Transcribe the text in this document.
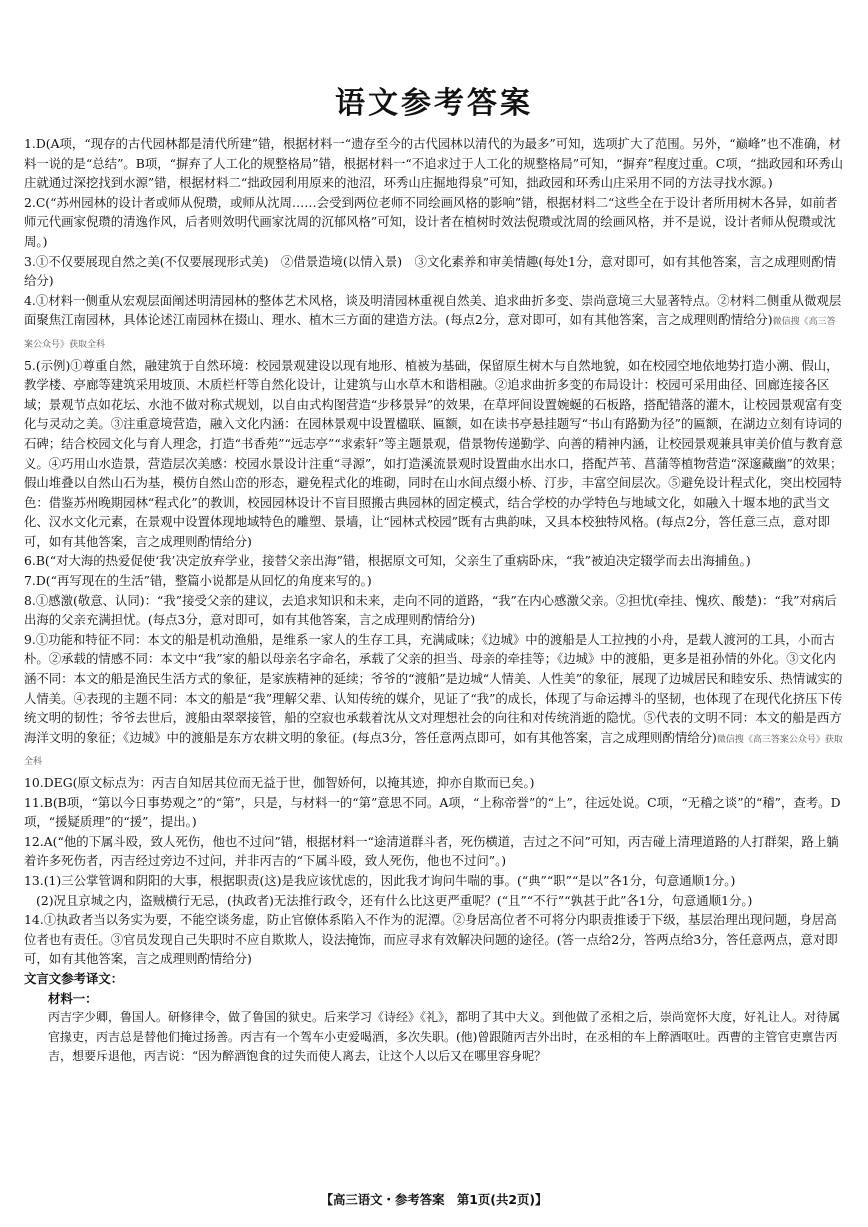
语文参考答案

1.D(A项，“现存的古代园林都是清代所建”错，根据材料一“遗存至今的古代园林以清代的为最多”可知，选项扩大了范围。另外，“巅峰”也不准确，材料一说的是“总结”。B项，“摒弃了人工化的规整格局”错，根据材料一“不追求过于人工化的规整格局”可知，“摒弃”程度过重。C项，“拙政园和环秀山庄就通过深挖找到水源”错，根据材料二“拙政园利用原来的池沼，环秀山庄掘地得泉”可知，拙政园和环秀山庄采用不同的方法寻找水源。)

2.C(“苏州园林的设计者或师从倪瓒，或师从沈周……会受到两位老师不同绘画风格的影响”错，根据材料二“这些全在于设计者所用树木各异，如前者师元代画家倪瓒的清逸作风，后者则效明代画家沈周的沉郁风格”可知，设计者在植树时效法倪瓒或沈周的绘画风格，并不是说，设计者师从倪瓒或沈周。)

3.①不仅要展现自然之美(不仅要展现形式美)　②借景造境(以情入景)　③文化素养和审美情趣(每处1分，意对即可，如有其他答案，言之成理则酌情给分)

4.①材料一侧重从宏观层面阐述明清园林的整体艺术风格，谈及明清园林重视自然美、追求曲折多变、崇尚意境三大显著特点。②材料二侧重从微观层面聚焦江南园林，具体论述江南园林在掇山、理水、植木三方面的建造方法。(每点2分，意对即可，如有其他答案，言之成理则酌情给分)微信搜《高三答案公众号》获取全科

5.(示例)①尊重自然，融建筑于自然环境：校园景观建设以现有地形、植被为基础，保留原生树木与自然地貌，如在校园空地依地势打造小溯、假山，教学楼、亭廊等建筑采用坡顶、木质栏杆等自然化设计，让建筑与山水草木和谐相融。②追求曲折多变的布局设计：校园可采用曲径、回廊连接各区域；景观节点如花坛、水池不做对称式规划，以自由式构图营造“步移景异”的效果，在草坪间设置婉蜒的石板路，搭配错落的灌木，让校园景观富有变化与灵动之美。③注重意境营造，融入文化内涵：在园林景观中设置楹联、匾额，如在读书亭悬挂题写“书山有路勤为径”的匾额，在湖边立刻有诗词的石碑；结合校园文化与育人理念，打造“书香苑”“远志亭”“求索轩”等主题景观，借景物传递勤学、向善的精神内涵，让校园景观兼具审美价值与教育意义。④巧用山水造景，营造层次美感：校园水景设计注重“寻源”，如打造溪流景观时设置曲水出水口，搭配芦苇、菖蒲等植物营造“深邃藏幽”的效果；假山堆叠以自然山石为基，模仿自然山峦的形态，避免程式化的堆砌，同时在山水间点缀小桥、汀步，丰富空间层次。⑤避免设计程式化，突出校园特色：借鉴苏州晚期园林“程式化”的教训，校园园林设计不盲目照搬古典园林的固定模式，结合学校的办学特色与地域文化，如融入十堰本地的武当文化、汉水文化元素，在景观中设置体现地域特色的雕塑、景墙，让“园林式校园”既有古典韵味，又具本校独特风格。(每点2分，答任意三点，意对即可，如有其他答案，言之成理则酌情给分)

6.B(“对大海的热爱促使‘我’决定放弃学业，接替父亲出海”错，根据原文可知，父亲生了重病卧床，“我”被迫决定辍学而去出海捕鱼。)

7.D(“再写现在的生活”错，整篇小说都是从回忆的角度来写的。)

8.①感激(敬意、认同)：“我”接受父亲的建议，去追求知识和未来，走向不同的道路，“我”在内心感激父亲。②担忧(牵挂、愧疚、酸楚)：“我”对病后出海的父亲充满担忧。(每点3分，意对即可，如有其他答案，言之成理则酌情给分)

9.①功能和特征不同：本文的船是机动渔船，是维系一家人的生存工具，充满咸味；《边城》中的渡船是人工拉拽的小舟，是载人渡河的工具，小而古朴。②承载的情感不同：本文中“我”家的船以母亲名字命名，承载了父亲的担当、母亲的牵挂等；《边城》中的渡船，更多是祖孙情的外化。③文化内涵不同：本文的船是渔民生活方式的象征，是家族精神的延续；爷爷的“渡船”是边城“人情美、人性美”的象征，展现了边城居民和睦安乐、热情诚实的人情美。④表现的主题不同：本文的船是“我”理解父辈、认知传统的媒介，见证了“我”的成长，体现了与命运搏斗的坚韧，也体现了在现代化挤压下传统文明的韧性；爷爷去世后，渡船由翠翠接管，船的空寂也承载着沈从文对理想社会的向往和对传统消逝的隐忧。⑤代表的文明不同：本文的船是西方海洋文明的象征；《边城》中的渡船是东方农耕文明的象征。(每点3分，答任意两点即可，如有其他答案，言之成理则酌情给分)微信搜《高三答案公众号》获取全科

10.DEG(原文标点为：丙吉自知居其位而无益于世，伽智娇何，以掩其迹，抑亦自欺而已矣。)

11.B(B项，“第以今日事势观之”的“第”，只是，与材料一的“第”意思不同。A项，“上称帝誉”的“上”，往远处说。C项，“无稽之谈”的“稽”，查考。D项，“援疑质理”的“援”，提出。)

12.A(“他的下属斗殴，致人死伤，他也不过问”错，根据材料一“途清道群斗者，死伤横道，吉过之不问”可知，丙吉碰上清理道路的人打群架，路上躺着许多死伤者，丙吉经过旁边不过问，并非丙吉的“下属斗殴，致人死伤，他也不过问”。)

13.(1)三公掌管调和阴阳的大事，根据职责(这)是我应该忧虑的，因此我才询问牛喘的事。(“典”“职”“是以”各1分，句意通顺1分。)

(2)况且京城之内，盗贼横行无忌，(执政者)无法推行政令，还有什么比这更严重呢？(“且”“不行”“孰甚于此”各1分，句意通顺1分。)

14.①执政者当以务实为要，不能空谈务虚，防止官僚体系陷入不作为的泥潭。②身居高位者不可将分内职责推诿于下级，基层治理出现问题，身居高位者也有责任。③官员发现自己失职时不应自欺欺人，设法掩饰，而应寻求有效解决问题的途径。(答一点给2分，答两点给3分，答任意两点，意对即可，如有其他答案，言之成理则酌情给分)

文言文参考译文：
材料一：
丙吉字少卿，鲁国人。研修律令，做了鲁国的狱史。后来学习《诗经》《礼》，都明了其中大义。到他做了丞相之后，崇尚宽怀大度，好礼让人。对待属官掾吏，丙吉总是替他们掩过扬善。丙吉有一个驾车小吏爱喝酒，多次失职。(他)曾跟随丙吉外出时，在丞相的车上醉酒呕吐。西曹的主管官吏禀告丙吉，想要斥退他，丙吉说：“因为醉酒饱食的过失而使人离去，让这个人以后又在哪里容身呢？
【高三语文・参考答案　第1页(共2页)】
